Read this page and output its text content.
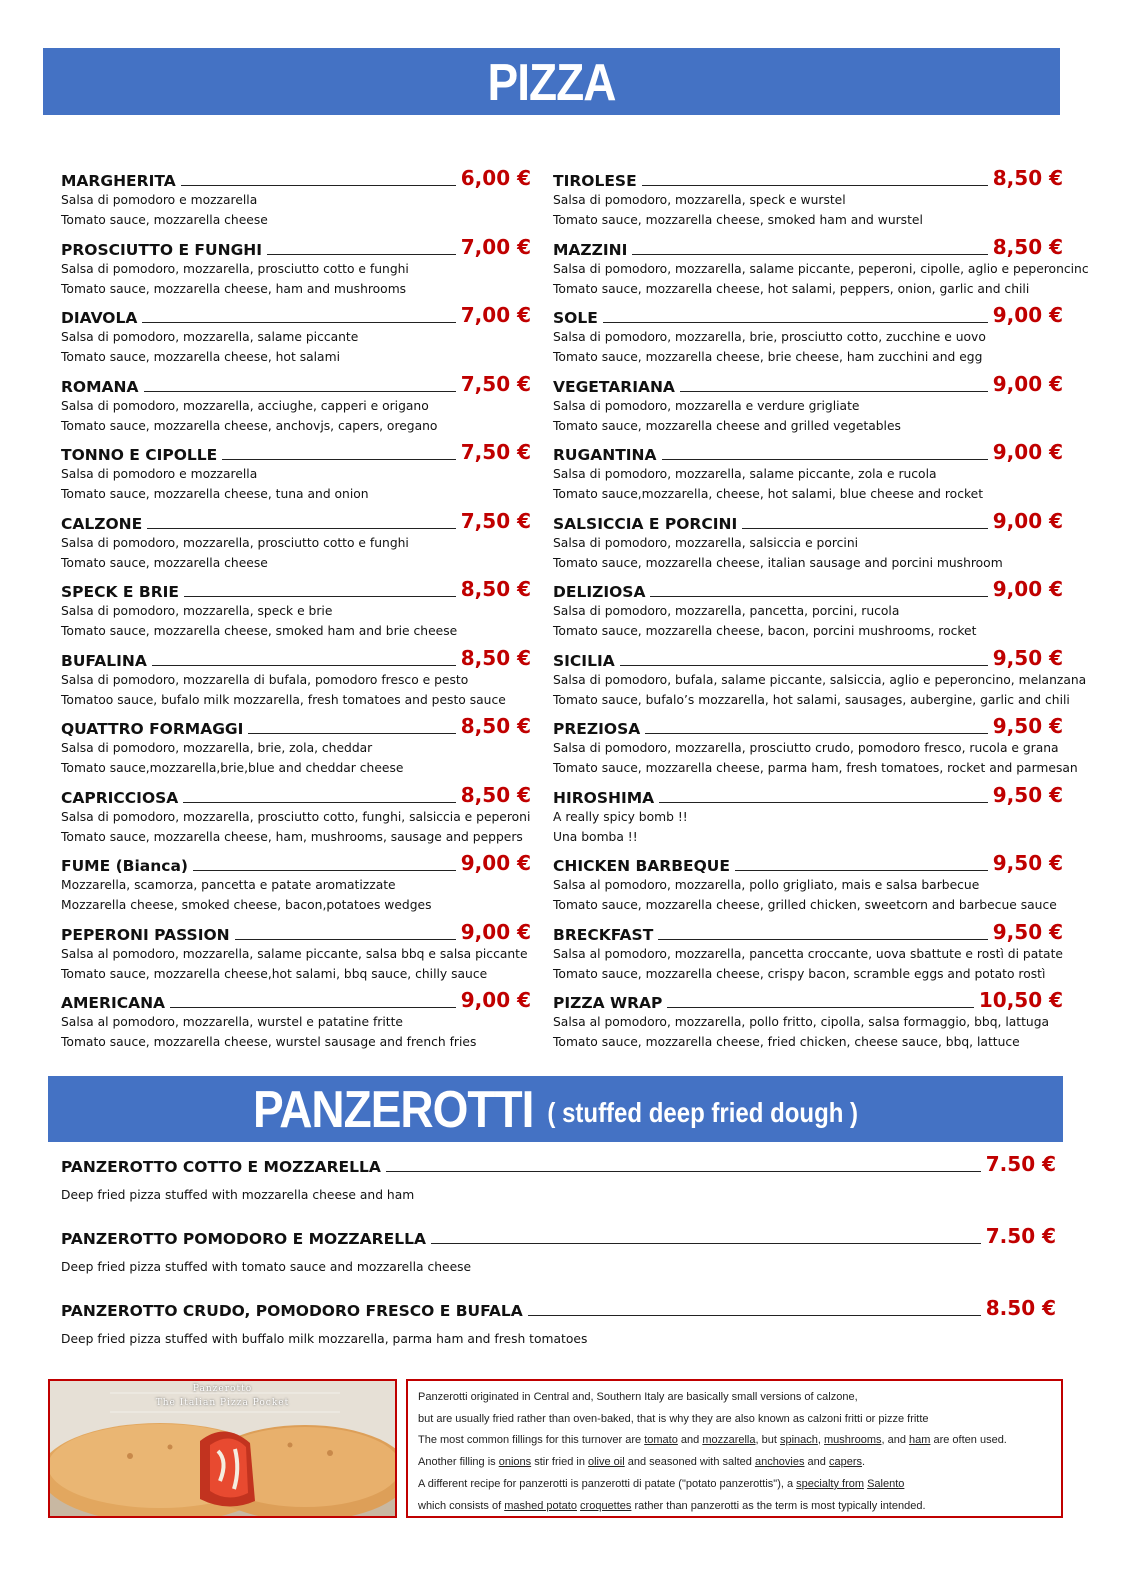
PIZZA
MARGHERITA	6,00 €
Salsa di pomodoro e mozzarella
Tomato sauce, mozzarella cheese
PROSCIUTTO E FUNGHI	7,00 €
Salsa di pomodoro, mozzarella, prosciutto cotto e funghi
Tomato sauce, mozzarella cheese, ham and mushrooms
DIAVOLA	7,00 €
Salsa di pomodoro, mozzarella, salame piccante
Tomato sauce, mozzarella cheese, hot salami
ROMANA	7,50 €
Salsa di pomodoro, mozzarella, acciughe, capperi e origano
Tomato sauce, mozzarella cheese, anchovjs, capers, oregano
TONNO E CIPOLLE	7,50 €
Salsa di pomodoro e mozzarella
Tomato sauce, mozzarella cheese, tuna and onion
CALZONE	7,50 €
Salsa di pomodoro, mozzarella, prosciutto cotto e funghi
Tomato sauce, mozzarella cheese
SPECK E BRIE	8,50 €
Salsa di pomodoro, mozzarella, speck e brie
Tomato sauce, mozzarella cheese, smoked ham and brie cheese
BUFALINA	8,50 €
Salsa di pomodoro, mozzarella di bufala, pomodoro fresco e pesto
Tomatoo sauce, bufalo milk mozzarella, fresh tomatoes and pesto sauce
QUATTRO FORMAGGI	8,50 €
Salsa di pomodoro, mozzarella, brie, zola, cheddar
Tomato sauce,mozzarella,brie,blue and cheddar cheese
CAPRICCIOSA	8,50 €
Salsa di pomodoro, mozzarella, prosciutto cotto, funghi, salsiccia e peperoni
Tomato sauce, mozzarella cheese, ham, mushrooms, sausage and peppers
FUME (Bianca)	9,00 €
Mozzarella, scamorza, pancetta e patate aromatizzate
Mozzarella cheese, smoked cheese, bacon,potatoes wedges
PEPERONI PASSION	9,00 €
Salsa al pomodoro, mozzarella, salame piccante, salsa bbq e salsa piccante
Tomato sauce, mozzarella cheese,hot salami, bbq sauce, chilly sauce
AMERICANA	9,00 €
Salsa al pomodoro, mozzarella, wurstel e patatine fritte
Tomato sauce, mozzarella cheese, wurstel sausage and french fries
TIROLESE	8,50 €
Salsa di pomodoro, mozzarella, speck e wurstel
Tomato sauce, mozzarella cheese, smoked ham and wurstel
MAZZINI	8,50 €
Salsa di pomodoro, mozzarella, salame piccante, peperoni, cipolle, aglio e peperoncinc
Tomato sauce, mozzarella cheese, hot salami, peppers, onion, garlic and chili
SOLE	9,00 €
Salsa di pomodoro, mozzarella, brie, prosciutto cotto, zucchine e uovo
Tomato sauce, mozzarella cheese, brie cheese, ham zucchini and egg
VEGETARIANA	9,00 €
Salsa di pomodoro, mozzarella e verdure grigliate
Tomato sauce, mozzarella cheese and grilled vegetables
RUGANTINA	9,00 €
Salsa di pomodoro, mozzarella, salame piccante, zola e rucola
Tomato sauce,mozzarella, cheese, hot salami, blue cheese and rocket
SALSICCIA E PORCINI	9,00 €
Salsa di pomodoro, mozzarella, salsiccia e porcini
Tomato sauce, mozzarella cheese, italian sausage and porcini mushroom
DELIZIOSA	9,00 €
Salsa di pomodoro, mozzarella, pancetta, porcini, rucola
Tomato sauce, mozzarella cheese, bacon, porcini mushrooms, rocket
SICILIA	9,50 €
Salsa di pomodoro, bufala, salame piccante, salsiccia, aglio e peperoncino, melanzana
Tomato sauce, bufalo’s mozzarella, hot salami, sausages, aubergine, garlic and chili
PREZIOSA	9,50 €
Salsa di pomodoro, mozzarella, prosciutto crudo, pomodoro fresco, rucola e grana
Tomato sauce, mozzarella cheese, parma ham, fresh tomatoes, rocket and parmesan
HIROSHIMA	9,50 €
A really spicy bomb !!
Una bomba !!
CHICKEN BARBEQUE	9,50 €
Salsa al pomodoro, mozzarella, pollo grigliato, mais e salsa barbecue
Tomato sauce, mozzarella cheese, grilled chicken, sweetcorn and barbecue sauce
BRECKFAST	9,50 €
Salsa al pomodoro, mozzarella, pancetta croccante, uova sbattute e rostì di patate
Tomato sauce, mozzarella cheese, crispy bacon, scramble eggs and potato rostì
PIZZA WRAP	10,50 €
Salsa al pomodoro, mozzarella, pollo fritto, cipolla, salsa formaggio, bbq, lattuga
Tomato sauce, mozzarella cheese, fried chicken, cheese sauce, bbq, lattuce
PANZEROTTI ( stuffed deep fried dough )
PANZEROTTO COTTO E MOZZARELLA	7.50 €
Deep fried pizza stuffed with mozzarella cheese and ham
PANZEROTTO POMODORO E MOZZARELLA	7.50 €
Deep fried pizza stuffed with tomato sauce and mozzarella cheese
PANZEROTTO CRUDO, POMODORO FRESCO E BUFALA	8.50 €
Deep fried pizza stuffed with buffalo milk mozzarella, parma ham and fresh tomatoes
Panzerotto
The Italian Pizza Pocket	Panzerotti originated in Central and, Southern Italy are basically small versions of calzone,

but are usually fried rather than oven-baked, that is why they are also known as calzoni fritti or pizze fritte

The most common fillings for this turnover are tomato and mozzarella, but spinach, mushrooms, and ham are often used.

Another filling is onions stir fried in olive oil and seasoned with salted anchovies and capers.

A different recipe for panzerotti is panzerotti di patate ("potato panzerottis"), a specialty from Salento

which consists of mashed potato croquettes rather than panzerotti as the term is most typically intended.
